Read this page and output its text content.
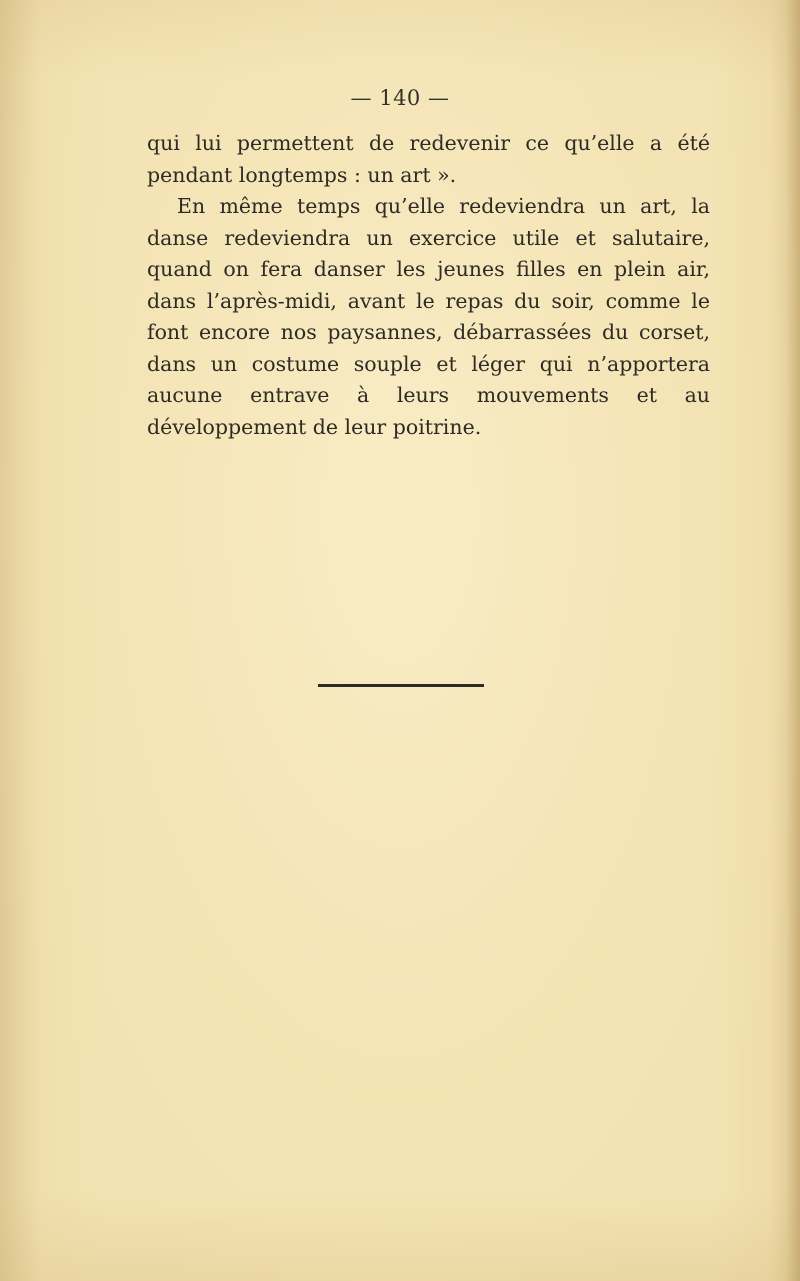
— 140 —

qui lui permettent de redevenir ce qu’elle a été pendant longtemps : un art ».

En même temps qu’elle redeviendra un art, la danse redeviendra un exercice utile et salutaire, quand on fera danser les jeunes filles en plein air, dans l’après-midi, avant le repas du soir, comme le font encore nos paysannes, débarrassées du corset, dans un costume souple et léger qui n’apportera aucune entrave à leurs mouvements et au développement de leur poitrine.
